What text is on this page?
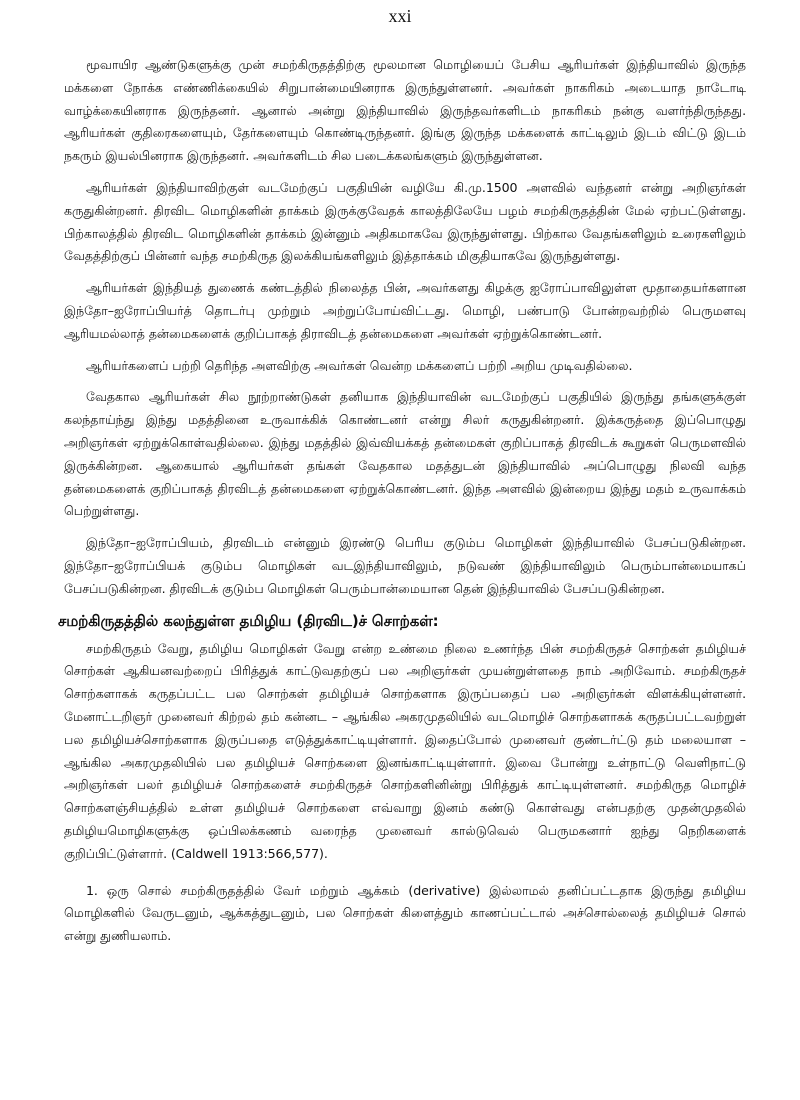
xxi

மூவாயிர ஆண்டுகளுக்கு முன் சமற்கிருதத்திற்கு மூலமான மொழியைப் பேசிய ஆரியர்கள் இந்தியாவில் இருந்த மக்களை நோக்க எண்ணிக்கையில் சிறுபான்மையினராக இருந்துள்ளனர். அவர்கள் நாகரிகம் அடையாத நாடோடி வாழ்க்கையினராக இருந்தனர். ஆனால் அன்று இந்தியாவில் இருந்தவர்களிடம் நாகரிகம் நன்கு வளர்ந்திருந்தது. ஆரியர்கள் குதிரைகளையும், தேர்களையும் கொண்டிருந்தனர். இங்கு இருந்த மக்களைக் காட்டிலும் இடம் விட்டு இடம் நகரும் இயல்பினராக இருந்தனர். அவர்களிடம் சில படைக்கலங்களும் இருந்துள்ளன.

ஆரியர்கள் இந்தியாவிற்குள் வடமேற்குப் பகுதியின் வழியே கி.மு.1500 அளவில் வந்தனர் என்று அறிஞர்கள் கருதுகின்றனர். திரவிட மொழிகளின் தாக்கம் இருக்குவேதக் காலத்திலேயே பழம் சமற்கிருதத்தின் மேல் ஏற்பட்டுள்ளது. பிற்காலத்தில் திரவிட மொழிகளின் தாக்கம் இன்னும் அதிகமாகவே இருந்துள்ளது. பிற்கால வேதங்களிலும் உரைகளிலும் வேதத்திற்குப் பின்னர் வந்த சமற்கிருத இலக்கியங்களிலும் இத்தாக்கம் மிகுதியாகவே இருந்துள்ளது.

ஆரியர்கள் இந்தியத் துணைக் கண்டத்தில் நிலைத்த பின், அவர்களது கிழக்கு ஐரோப்பாவிலுள்ள மூதாதையர்களான இந்தோ–ஐரோப்பியர்த் தொடர்பு முற்றும் அற்றுப்போய்விட்டது. மொழி, பண்பாடு போன்றவற்றில் பெருமளவு ஆரியமல்லாத் தன்மைகளைக் குறிப்பாகத் திராவிடத் தன்மைகளை அவர்கள் ஏற்றுக்கொண்டனர்.

ஆரியர்களைப் பற்றி தெரிந்த அளவிற்கு அவர்கள் வென்ற மக்களைப் பற்றி அறிய முடிவதில்லை.

வேதகால ஆரியர்கள் சில நூற்றாண்டுகள் தனியாக இந்தியாவின் வடமேற்குப் பகுதியில் இருந்து தங்களுக்குள் கலந்தாய்ந்து இந்து மதத்தினை உருவாக்கிக் கொண்டனர் என்று சிலர் கருதுகின்றனர். இக்கருத்தை இப்பொழுது அறிஞர்கள் ஏற்றுக்கொள்வதில்லை. இந்து மதத்தில் இவ்வியக்கத் தன்மைகள் குறிப்பாகத் திரவிடக் கூறுகள் பெருமளவில் இருக்கின்றன. ஆகையால் ஆரியர்கள் தங்கள் வேதகால மதத்துடன் இந்தியாவில் அப்பொழுது நிலவி வந்த தன்மைகளைக் குறிப்பாகத் திரவிடத் தன்மைகளை ஏற்றுக்கொண்டனர். இந்த அளவில் இன்றைய இந்து மதம் உருவாக்கம் பெற்றுள்ளது.

இந்தோ–ஐரோப்பியம், திரவிடம் என்னும் இரண்டு பெரிய குடும்ப மொழிகள் இந்தியாவில் பேசப்படுகின்றன. இந்தோ–ஐரோப்பியக் குடும்ப மொழிகள் வடஇந்தியாவிலும், நடுவண் இந்தியாவிலும் பெரும்பான்மையாகப் பேசப்படுகின்றன. திரவிடக் குடும்ப மொழிகள் பெரும்பான்மையான தென் இந்தியாவில் பேசப்படுகின்றன.

சமற்கிருதத்தில் கலந்துள்ள தமிழிய (திரவிட)ச் சொற்கள்:

சமற்கிருதம் வேறு, தமிழிய மொழிகள் வேறு என்ற உண்மை நிலை உணர்ந்த பின் சமற்கிருதச் சொற்கள் தமிழியச் சொற்கள் ஆகியனவற்றைப் பிரித்துக் காட்டுவதற்குப் பல அறிஞர்கள் முயன்றுள்ளதை நாம் அறிவோம். சமற்கிருதச் சொற்களாகக் கருதப்பட்ட பல சொற்கள் தமிழியச் சொற்களாக இருப்பதைப் பல அறிஞர்கள் விளக்கியுள்ளனர். மேனாட்டறிஞர் முனைவர் கிற்றல் தம் கன்னட – ஆங்கில அகரமுதலியில் வடமொழிச் சொற்களாகக் கருதப்பட்டவற்றுள் பல தமிழியச்சொற்களாக இருப்பதை எடுத்துக்காட்டியுள்ளார். இதைப்போல் முனைவர் குண்டர்ட்டு தம் மலையாள –ஆங்கில அகரமுதலியில் பல தமிழியச் சொற்களை இனங்காட்டியுள்ளார். இவை போன்று உள்நாட்டு வெளிநாட்டு அறிஞர்கள் பலர் தமிழியச் சொற்களைச் சமற்கிருதச் சொற்களினின்று பிரித்துக் காட்டியுள்ளனர். சமற்கிருத மொழிச் சொற்களஞ்சியத்தில் உள்ள தமிழியச் சொற்களை எவ்வாறு இனம் கண்டு கொள்வது என்பதற்கு முதன்முதலில் தமிழியமொழிகளுக்கு ஒப்பிலக்கணம் வரைந்த முனைவர் கால்டுவெல் பெருமகனார் ஐந்து நெறிகளைக் குறிப்பிட்டுள்ளார். (Caldwell 1913:566,577).

1. ஒரு சொல் சமற்கிருதத்தில் வேர் மற்றும் ஆக்கம் (derivative) இல்லாமல் தனிப்பட்டதாக இருந்து தமிழிய மொழிகளில் வேருடனும், ஆக்கத்துடனும், பல சொற்கள் கிளைத்தும் காணப்பட்டால் அச்சொல்லைத் தமிழியச் சொல் என்று துணியலாம்.
